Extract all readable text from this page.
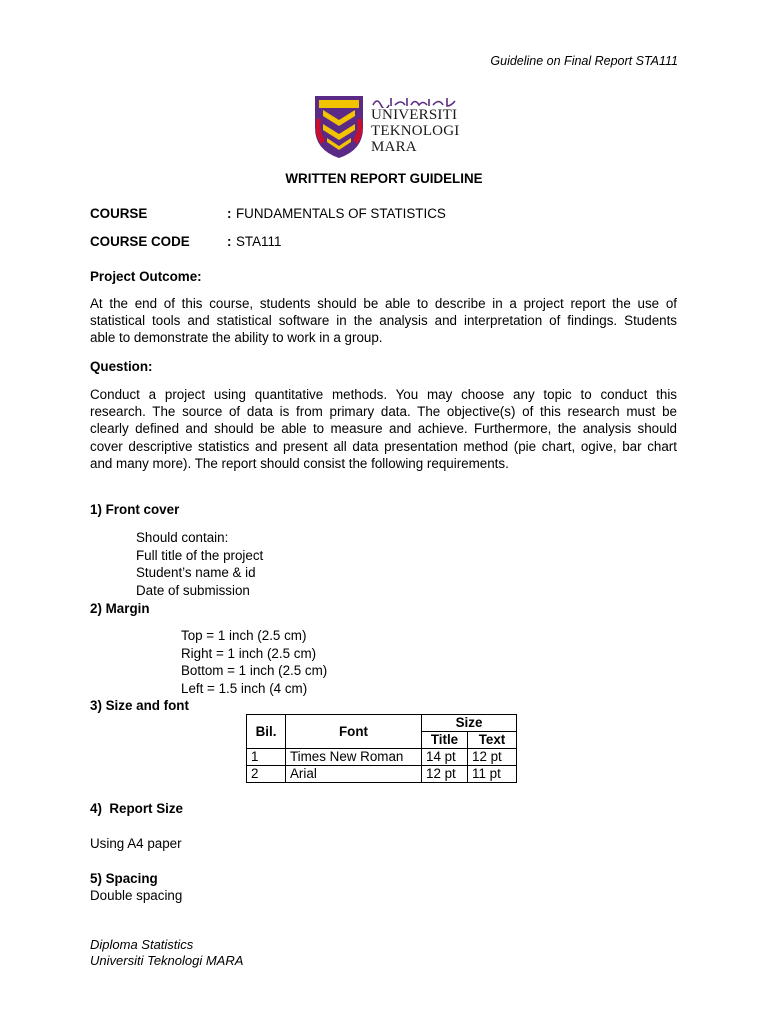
Guideline on Final Report STA111
UNIVERSITI
TEKNOLOGI
MARA
WRITTEN REPORT GUIDELINE
COURSE	: FUNDAMENTALS OF STATISTICS
COURSE CODE	: STA111
Project Outcome:
At the end of this course, students should be able to describe in a project report the use of
statistical tools and statistical software in the analysis and interpretation of findings. Students
able to demonstrate the ability to work in a group.
Question:
Conduct a project using quantitative methods. You may choose any topic to conduct this
research. The source of data is from primary data. The objective(s) of this research must be
clearly defined and should be able to measure and achieve. Furthermore, the analysis should
cover descriptive statistics and present all data presentation method (pie chart, ogive, bar chart
and many more). The report should consist the following requirements.
1) Front cover
Should contain:
Full title of the project
Student’s name & id
Date of submission
2) Margin
Top = 1 inch (2.5 cm)
Right = 1 inch (2.5 cm)
Bottom = 1 inch (2.5 cm)
Left = 1.5 inch (4 cm)
3) Size and font
Bil.	Font	Size	
		Title	Text
1	Times New Roman	14 pt	12 pt
2	Arial	12 pt	11 pt
4)  Report Size
Using A4 paper
5) Spacing
Double spacing
Diploma Statistics
Universiti Teknologi MARA
